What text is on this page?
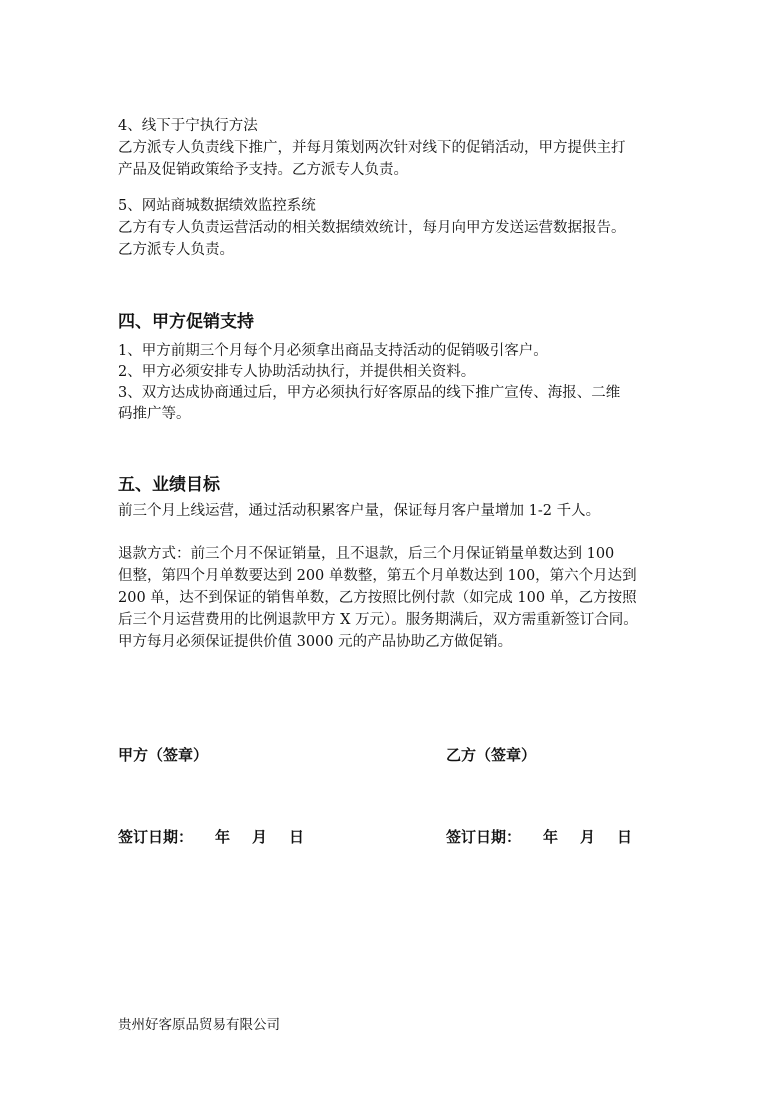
4、线下于宁执行方法
乙方派专人负责线下推广，并每月策划两次针对线下的促销活动，甲方提供主打
产品及促销政策给予支持。乙方派专人负责。
5、网站商城数据绩效监控系统
乙方有专人负责运营活动的相关数据绩效统计，每月向甲方发送运营数据报告。
乙方派专人负责。
四、甲方促销支持
1、甲方前期三个月每个月必须拿出商品支持活动的促销吸引客户。
2、甲方必须安排专人协助活动执行，并提供相关资料。
3、双方达成协商通过后，甲方必须执行好客原品的线下推广宣传、海报、二维
码推广等。
五、业绩目标
前三个月上线运营，通过活动积累客户量，保证每月客户量增加 1-2 千人。
退款方式：前三个月不保证销量，且不退款，后三个月保证销量单数达到 100
但整，第四个月单数要达到 200 单数整，第五个月单数达到 100，第六个月达到
200 单，达不到保证的销售单数，乙方按照比例付款（如完成 100 单，乙方按照
后三个月运营费用的比例退款甲方 X 万元）。服务期满后，双方需重新签订合同。
甲方每月必须保证提供价值 3000 元的产品协助乙方做促销。
甲方（签章）	乙方（签章）
签订日期： 年 月 日	签订日期： 年 月 日
贵州好客原品贸易有限公司
